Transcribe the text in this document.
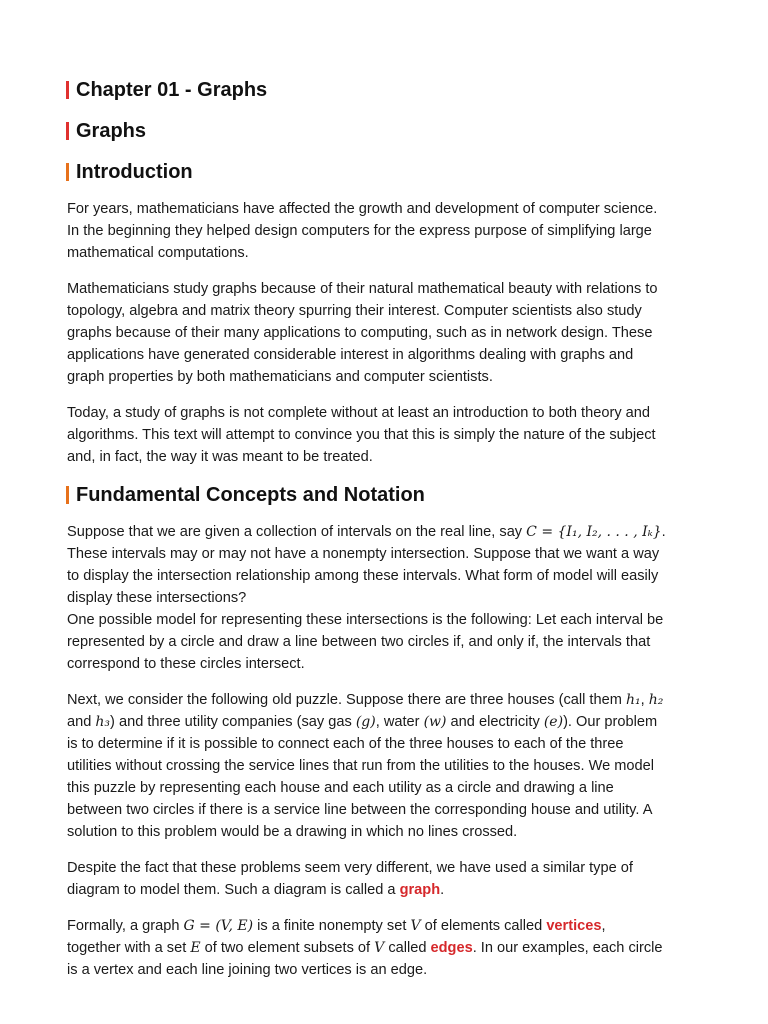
Chapter 01 - Graphs
Graphs
Introduction

For years, mathematicians have affected the growth and development of computer science.
In the beginning they helped design computers for the express purpose of simplifying large
mathematical computations.

Mathematicians study graphs because of their natural mathematical beauty with relations to
topology, algebra and matrix theory spurring their interest. Computer scientists also study
graphs because of their many applications to computing, such as in network design. These
applications have generated considerable interest in algorithms dealing with graphs and
graph properties by both mathematicians and computer scientists.

Today, a study of graphs is not complete without at least an introduction to both theory and
algorithms. This text will attempt to convince you that this is simply the nature of the subject
and, in fact, the way it was meant to be treated.

Fundamental Concepts and Notation

Suppose that we are given a collection of intervals on the real line, say C = {I₁, I₂, . . . , Iₖ}.
These intervals may or may not have a nonempty intersection. Suppose that we want a way
to display the intersection relationship among these intervals. What form of model will easily
display these intersections?
One possible model for representing these intersections is the following: Let each interval be
represented by a circle and draw a line between two circles if, and only if, the intervals that
correspond to these circles intersect.

Next, we consider the following old puzzle. Suppose there are three houses (call them h₁, h₂
and h₃) and three utility companies (say gas (g), water (w) and electricity (e)). Our problem
is to determine if it is possible to connect each of the three houses to each of the three
utilities without crossing the service lines that run from the utilities to the houses. We model
this puzzle by representing each house and each utility as a circle and drawing a line
between two circles if there is a service line between the corresponding house and utility. A
solution to this problem would be a drawing in which no lines crossed.

Despite the fact that these problems seem very different, we have used a similar type of
diagram to model them. Such a diagram is called a graph.

Formally, a graph G = (V, E) is a finite nonempty set V of elements called vertices,
together with a set E of two element subsets of V called edges. In our examples, each circle
is a vertex and each line joining two vertices is an edge.
